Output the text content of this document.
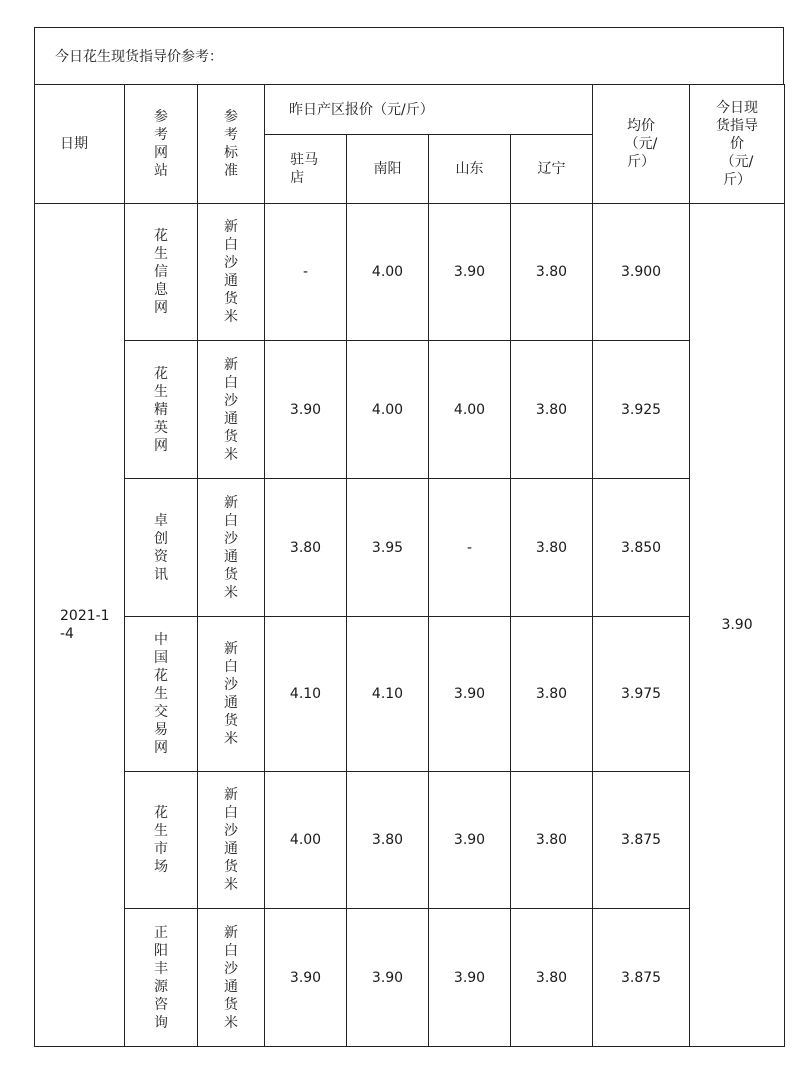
今日花生现货指导价参考：
日期	参考网站	参考标准	昨日产区报价（元/斤）				均价（元/斤）	今日现货指导价（元/斤）
			驻马店	南阳	山东	辽宁		
2021-1-4	花生信息网	新白沙通货米	-	4.00	3.90	3.80	3.900	3.90
	花生精英网	新白沙通货米	3.90	4.00	4.00	3.80	3.925	
	卓创资讯	新白沙通货米	3.80	3.95	-	3.80	3.850	
	中国花生交易网	新白沙通货米	4.10	4.10	3.90	3.80	3.975	
	花生市场	新白沙通货米	4.00	3.80	3.90	3.80	3.875	
	正阳丰源咨询	新白沙通货米	3.90	3.90	3.90	3.80	3.875	
